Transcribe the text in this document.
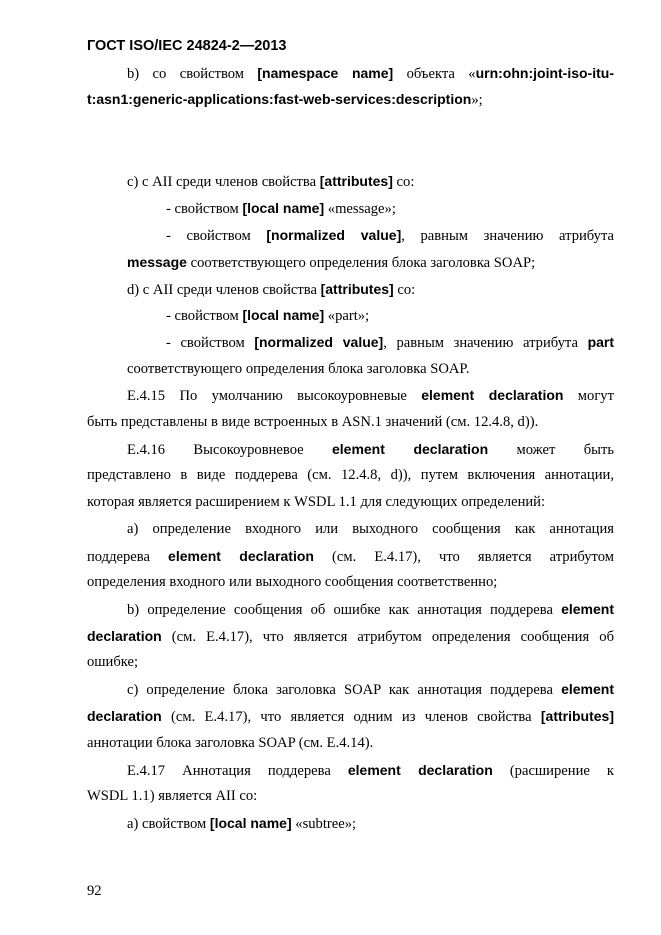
ГОСТ ISO/IEC 24824-2—2013
b) со свойством [namespace name] объекта «urn:ohn:joint-iso-itu-
t:asn1:generic-applications:fast-web-services:description»;
c) с AII среди членов свойства [attributes] со:
- свойством [local name] «message»;
- свойством [normalized value], равным значению атрибута
message соответствующего определения блока заголовка SOAP;
d) с AII среди членов свойства [attributes] со:
- свойством [local name] «part»;
- свойством [normalized value], равным значению атрибута part
соответствующего определения блока заголовка SOAP.
E.4.15 По умолчанию высокоуровневые element declaration могут
быть представлены в виде встроенных в ASN.1 значений (см. 12.4.8, d)).
E.4.16 Высокоуровневое element declaration может быть
представлено в виде поддерева (см. 12.4.8, d)), путем включения аннотации,
которая является расширением к WSDL 1.1 для следующих определений:
a) определение входного или выходного сообщения как аннотация
поддерева element declaration (см. E.4.17), что является атрибутом
определения входного или выходного сообщения соответственно;
b) определение сообщения об ошибке как аннотация поддерева element
declaration (см. E.4.17), что является атрибутом определения сообщения об
ошибке;
c) определение блока заголовка SOAP как аннотация поддерева element
declaration (см. E.4.17), что является одним из членов свойства [attributes]
аннотации блока заголовка SOAP (см. E.4.14).
E.4.17 Аннотация поддерева element declaration (расширение к
WSDL 1.1) является AII со:
a) свойством [local name] «subtree»;
92
